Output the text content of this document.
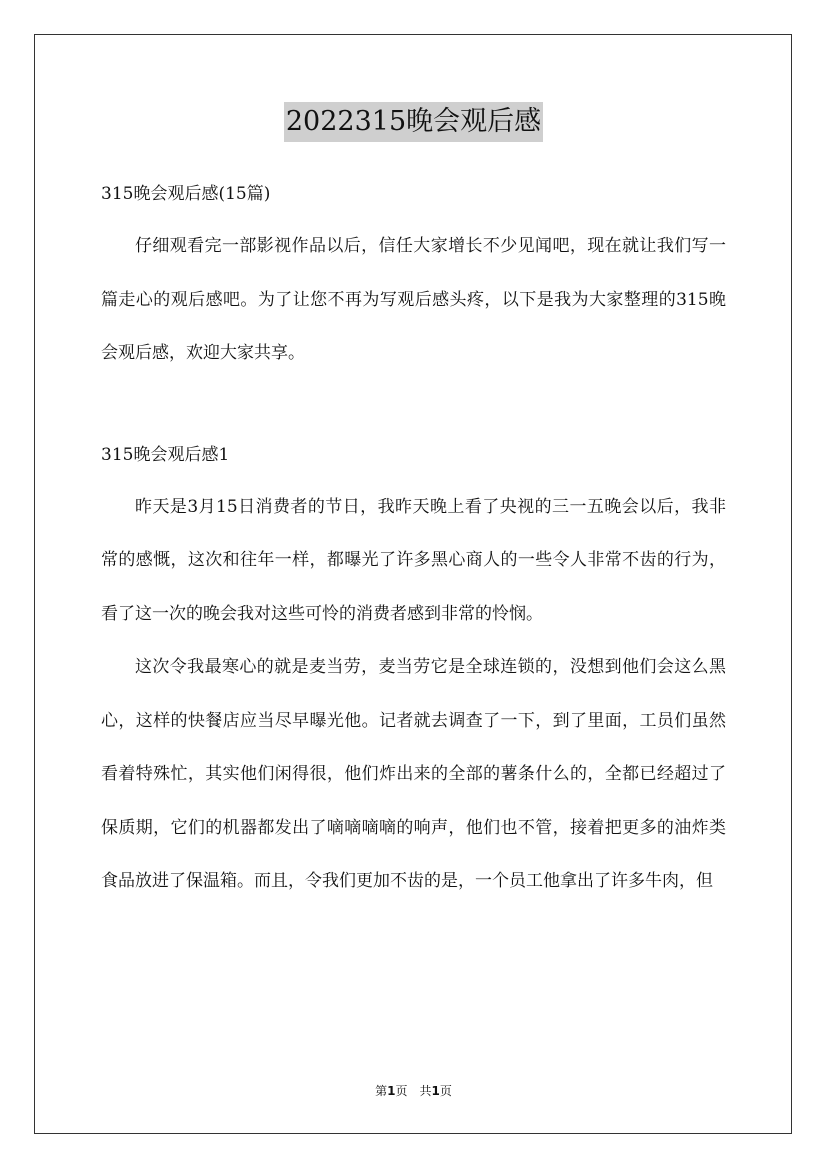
2022315晚会观后感

315晚会观后感(15篇)

仔细观看完一部影视作品以后，信任大家增长不少见闻吧，现在就让我们写一篇走心的观后感吧。为了让您不再为写观后感头疼，以下是我为大家整理的315晚会观后感，欢迎大家共享。

315晚会观后感1

昨天是3月15日消费者的节日，我昨天晚上看了央视的三一五晚会以后，我非常的感慨，这次和往年一样，都曝光了许多黑心商人的一些令人非常不齿的行为，看了这一次的晚会我对这些可怜的消费者感到非常的怜悯。

这次令我最寒心的就是麦当劳，麦当劳它是全球连锁的，没想到他们会这么黑心，这样的快餐店应当尽早曝光他。记者就去调查了一下，到了里面，工员们虽然看着特殊忙，其实他们闲得很，他们炸出来的全部的薯条什么的，全都已经超过了保质期，它们的机器都发出了嘀嘀嘀嘀的响声，他们也不管，接着把更多的油炸类食品放进了保温箱。而且，令我们更加不齿的是，一个员工他拿出了许多牛肉，但

第1页　共1页
